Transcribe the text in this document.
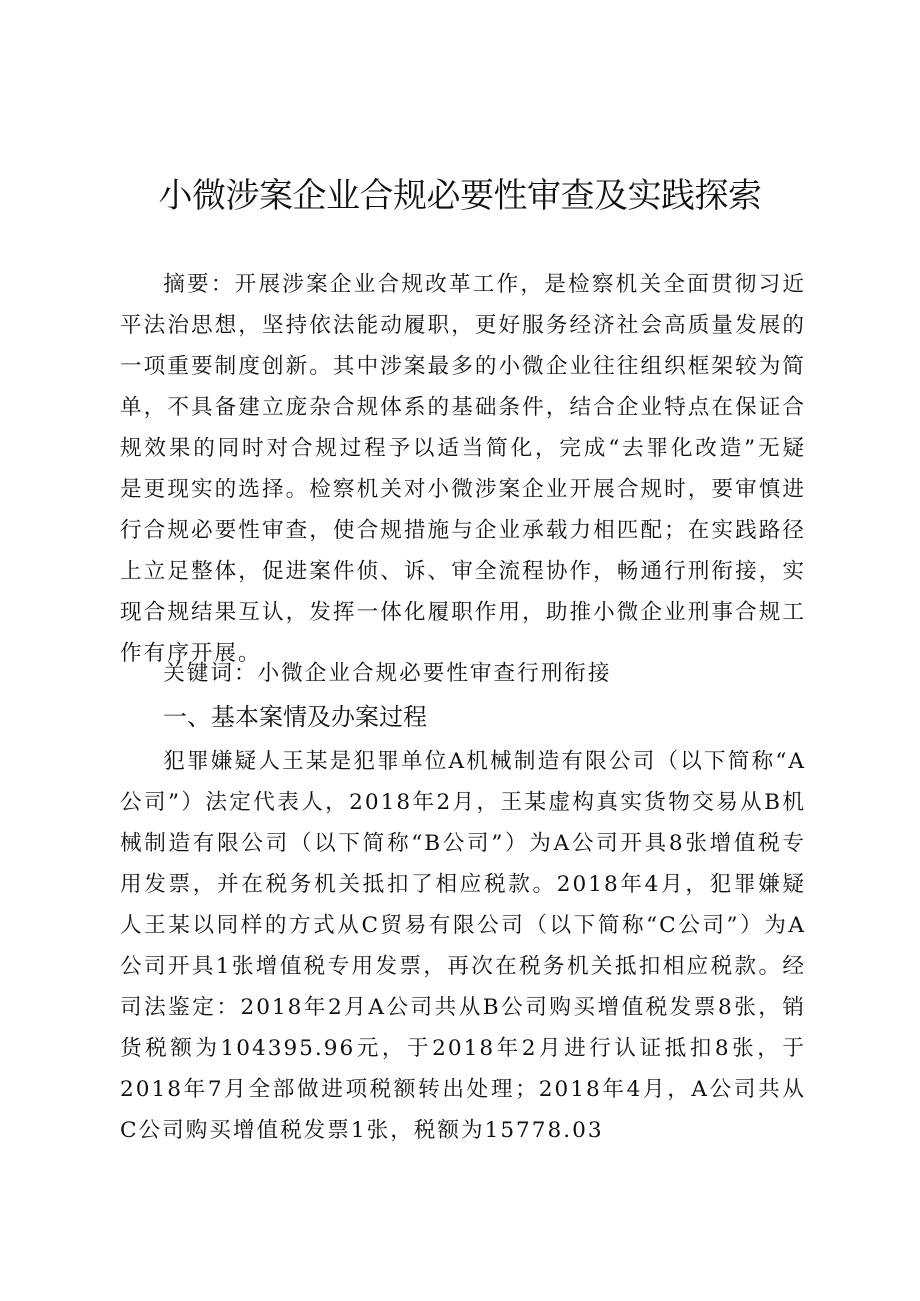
小微涉案企业合规必要性审查及实践探索

摘要：开展涉案企业合规改革工作，是检察机关全面贯彻习近平法治思想，坚持依法能动履职，更好服务经济社会高质量发展的一项重要制度创新。其中涉案最多的小微企业往往组织框架较为简单，不具备建立庞杂合规体系的基础条件，结合企业特点在保证合规效果的同时对合规过程予以适当简化，完成“去罪化改造”无疑是更现实的选择。检察机关对小微涉案企业开展合规时，要审慎进行合规必要性审查，使合规措施与企业承载力相匹配；在实践路径上立足整体，促进案件侦、诉、审全流程协作，畅通行刑衔接，实现合规结果互认，发挥一体化履职作用，助推小微企业刑事合规工作有序开展。

关键词：小微企业合规必要性审查行刑衔接

一、基本案情及办案过程

犯罪嫌疑人王某是犯罪单位A机械制造有限公司（以下简称“A公司”）法定代表人，2018年2月，王某虚构真实货物交易从B机械制造有限公司（以下简称“B公司”）为A公司开具8张增值税专用发票，并在税务机关抵扣了相应税款。2018年4月，犯罪嫌疑人王某以同样的方式从C贸易有限公司（以下简称“C公司”）为A公司开具1张增值税专用发票，再次在税务机关抵扣相应税款。经司法鉴定：2018年2月A公司共从B公司购买增值税发票8张，销货税额为104395.96元，于2018年2月进行认证抵扣8张，于2018年7月全部做进项税额转出处理；2018年4月，A公司共从C公司购买增值税发票1张，税额为15778.03
